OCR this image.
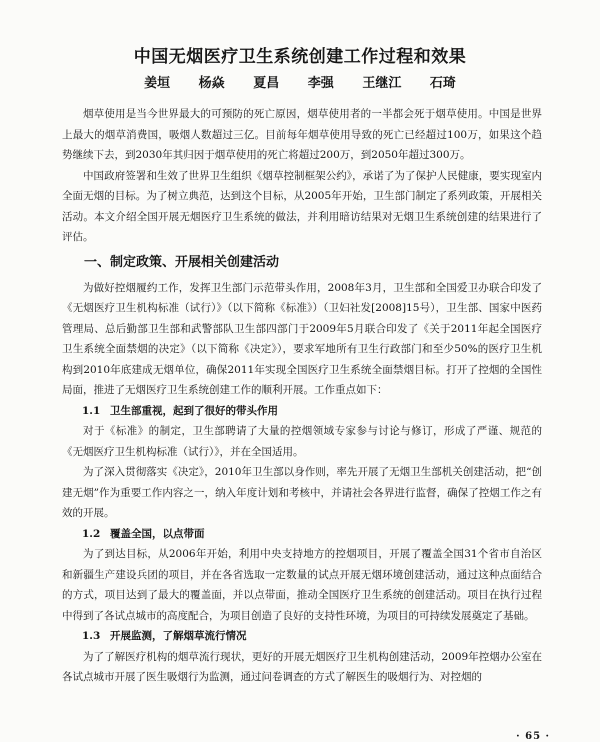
中国无烟医疗卫生系统创建工作过程和效果
姜垣 杨焱 夏昌 李强 王继江 石琦

烟草使用是当今世界最大的可预防的死亡原因，烟草使用者的一半都会死于烟草使用。中国是世界上最大的烟草消费国，吸烟人数超过三亿。目前每年烟草使用导致的死亡已经超过100万，如果这个趋势继续下去，到2030年其归因于烟草使用的死亡将超过200万，到2050年超过300万。

中国政府签署和生效了世界卫生组织《烟草控制框架公约》，承诺了为了保护人民健康，要实现室内全面无烟的目标。为了树立典范，达到这个目标，从2005年开始，卫生部门制定了系列政策，开展相关活动。本文介绍全国开展无烟医疗卫生系统的做法，并利用暗访结果对无烟卫生系统创建的结果进行了评估。

一、制定政策、开展相关创建活动

为做好控烟履约工作，发挥卫生部门示范带头作用，2008年3月，卫生部和全国爱卫办联合印发了《无烟医疗卫生机构标准（试行）》（以下简称《标准》）（卫妇社发[2008]15号），卫生部、国家中医药管理局、总后勤部卫生部和武警部队卫生部四部门于2009年5月联合印发了《关于2011年起全国医疗卫生系统全面禁烟的决定》（以下简称《决定》），要求军地所有卫生行政部门和至少50%的医疗卫生机构到2010年底建成无烟单位，确保2011年实现全国医疗卫生系统全面禁烟目标。打开了控烟的全国性局面，推进了无烟医疗卫生系统创建工作的顺利开展。工作重点如下：

1.1 卫生部重视，起到了很好的带头作用

对于《标准》的制定，卫生部聘请了大量的控烟领域专家参与讨论与修订，形成了严谨、规范的《无烟医疗卫生机构标准（试行）》，并在全国适用。

为了深入贯彻落实《决定》，2010年卫生部以身作则，率先开展了无烟卫生部机关创建活动，把“创建无烟”作为重要工作内容之一，纳入年度计划和考核中，并请社会各界进行监督，确保了控烟工作之有效的开展。

1.2 覆盖全国，以点带面

为了到达目标，从2006年开始，利用中央支持地方的控烟项目，开展了覆盖全国31个省市自治区和新疆生产建设兵团的项目，并在各省选取一定数量的试点开展无烟环境创建活动，通过这种点面结合的方式，项目达到了最大的覆盖面，并以点带面，推动全国医疗卫生系统的创建活动。项目在执行过程中得到了各试点城市的高度配合，为项目创造了良好的支持性环境，为项目的可持续发展奠定了基础。

1.3 开展监测，了解烟草流行情况

为了了解医疗机构的烟草流行现状，更好的开展无烟医疗卫生机构创建活动，2009年控烟办公室在各试点城市开展了医生吸烟行为监测，通过问卷调查的方式了解医生的吸烟行为、对控烟的

· 65 ·
